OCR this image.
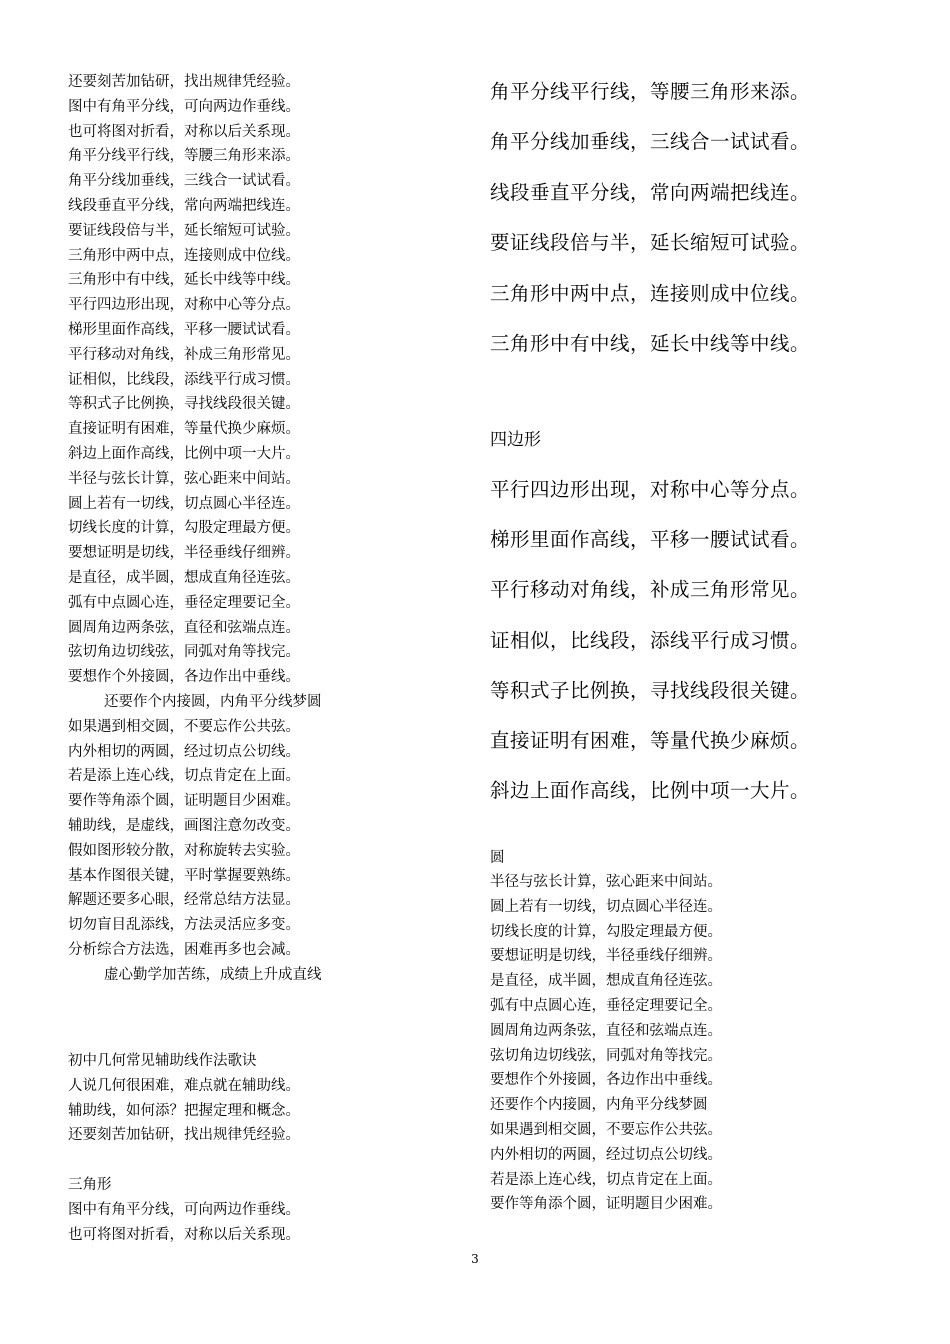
还要刻苦加钻研，找出规律凭经验。
图中有角平分线，可向两边作垂线。
也可将图对折看，对称以后关系现。
角平分线平行线，等腰三角形来添。
角平分线加垂线，三线合一试试看。
线段垂直平分线，常向两端把线连。
要证线段倍与半，延长缩短可试验。
三角形中两中点，连接则成中位线。
三角形中有中线，延长中线等中线。
平行四边形出现，对称中心等分点。
梯形里面作高线，平移一腰试试看。
平行移动对角线，补成三角形常见。
证相似，比线段，添线平行成习惯。
等积式子比例换，寻找线段很关键。
直接证明有困难，等量代换少麻烦。
斜边上面作高线，比例中项一大片。
半径与弦长计算，弦心距来中间站。
圆上若有一切线，切点圆心半径连。
切线长度的计算，勾股定理最方便。
要想证明是切线，半径垂线仔细辨。
是直径，成半圆，想成直角径连弦。
弧有中点圆心连，垂径定理要记全。
圆周角边两条弦，直径和弦端点连。
弦切角边切线弦，同弧对角等找完。
要想作个外接圆，各边作出中垂线。
还要作个内接圆，内角平分线梦圆
如果遇到相交圆，不要忘作公共弦。
内外相切的两圆，经过切点公切线。
若是添上连心线，切点肯定在上面。
要作等角添个圆，证明题目少困难。
辅助线，是虚线，画图注意勿改变。
假如图形较分散，对称旋转去实验。
基本作图很关键，平时掌握要熟练。
解题还要多心眼，经常总结方法显。
切勿盲目乱添线，方法灵活应多变。
分析综合方法选，困难再多也会减。
虚心勤学加苦练，成绩上升成直线
初中几何常见辅助线作法歌诀
人说几何很困难，难点就在辅助线。
辅助线，如何添？把握定理和概念。
还要刻苦加钻研，找出规律凭经验。
三角形
图中有角平分线，可向两边作垂线。
也可将图对折看，对称以后关系现。
角平分线平行线，等腰三角形来添。
角平分线加垂线，三线合一试试看。
线段垂直平分线，常向两端把线连。
要证线段倍与半，延长缩短可试验。
三角形中两中点，连接则成中位线。
三角形中有中线，延长中线等中线。
四边形
平行四边形出现，对称中心等分点。
梯形里面作高线，平移一腰试试看。
平行移动对角线，补成三角形常见。
证相似，比线段，添线平行成习惯。
等积式子比例换，寻找线段很关键。
直接证明有困难，等量代换少麻烦。
斜边上面作高线，比例中项一大片。
圆
半径与弦长计算，弦心距来中间站。
圆上若有一切线，切点圆心半径连。
切线长度的计算，勾股定理最方便。
要想证明是切线，半径垂线仔细辨。
是直径，成半圆，想成直角径连弦。
弧有中点圆心连，垂径定理要记全。
圆周角边两条弦，直径和弦端点连。
弦切角边切线弦，同弧对角等找完。
要想作个外接圆，各边作出中垂线。
还要作个内接圆，内角平分线梦圆
如果遇到相交圆，不要忘作公共弦。
内外相切的两圆，经过切点公切线。
若是添上连心线，切点肯定在上面。
要作等角添个圆，证明题目少困难。
3
